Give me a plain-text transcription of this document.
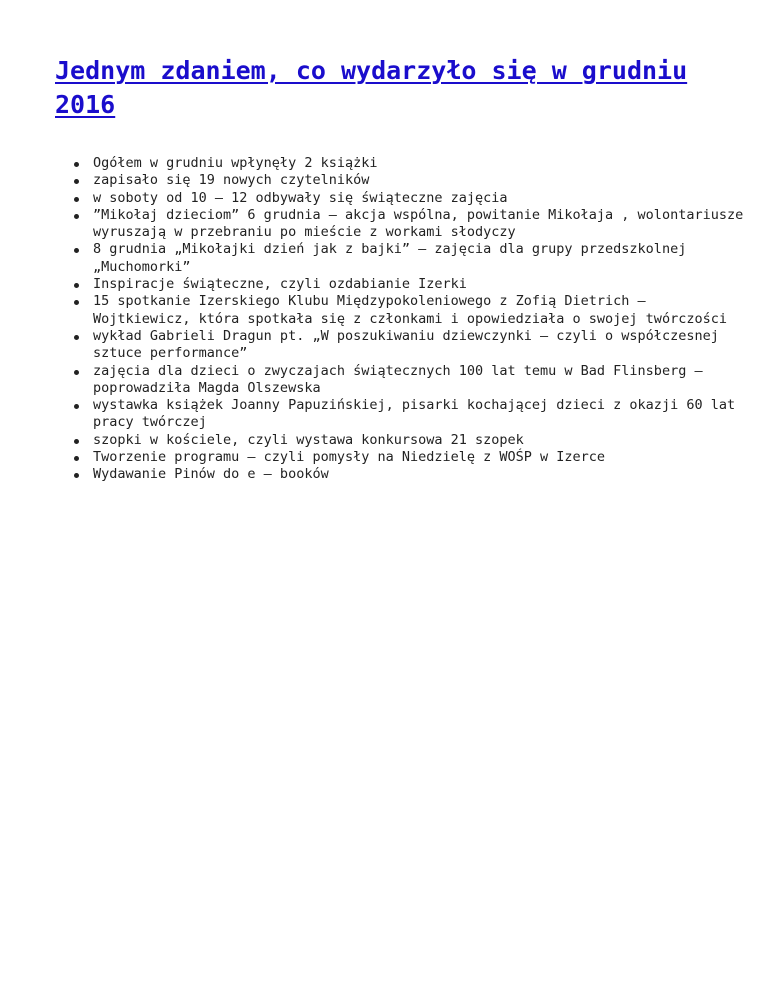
Jednym zdaniem, co wydarzyło się w grudniu 2016
Ogółem w grudniu wpłynęły 2 książki
zapisało się 19 nowych czytelników
w soboty od 10 – 12 odbywały się świąteczne zajęcia
”Mikołaj dzieciom” 6 grudnia – akcja wspólna, powitanie Mikołaja , wolontariusze wyruszają w przebraniu po mieście z workami słodyczy
8 grudnia „Mikołajki dzień jak z bajki” – zajęcia dla grupy przedszkolnej „Muchomorki”
Inspiracje świąteczne, czyli ozdabianie Izerki
15 spotkanie Izerskiego Klubu Międzypokoleniowego z Zofią Dietrich – Wojtkiewicz, która spotkała się z członkami i opowiedziała o swojej twórczości
wykład Gabrieli Dragun pt. „W poszukiwaniu dziewczynki – czyli o współczesnej sztuce performance”
zajęcia dla dzieci o zwyczajach świątecznych 100 lat temu w Bad Flinsberg – poprowadziła Magda Olszewska
wystawka książek Joanny Papuzińskiej, pisarki kochającej dzieci z okazji 60 lat pracy twórczej
szopki w kościele, czyli wystawa konkursowa 21 szopek
Tworzenie programu – czyli pomysły na Niedzielę z WOŚP w Izerce
Wydawanie Pinów do e – booków
